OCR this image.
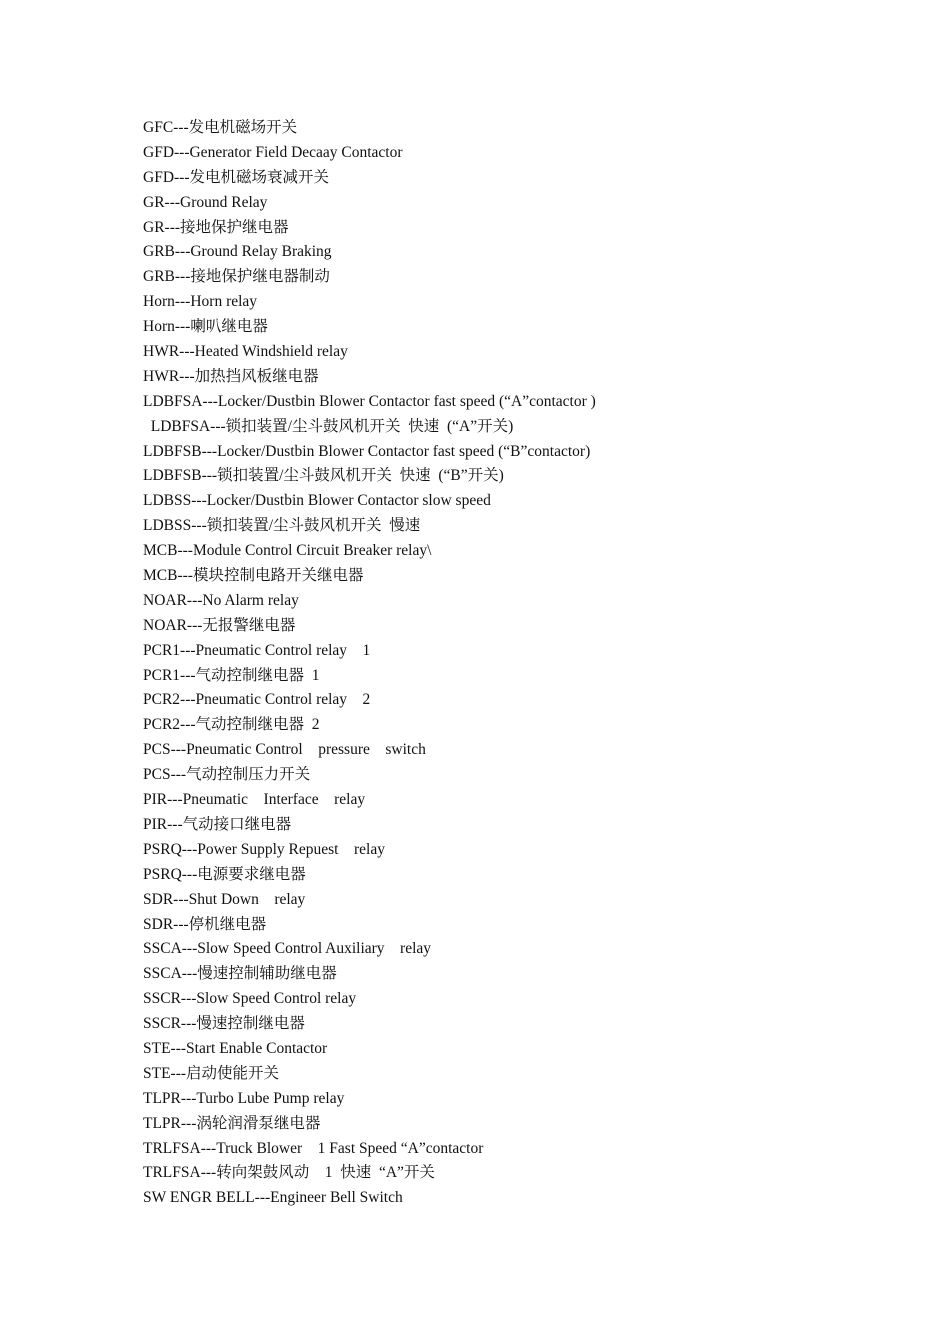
GFC---发电机磁场开关
GFD---Generator Field Decaay Contactor
GFD---发电机磁场衰减开关
GR---Ground Relay
GR---接地保护继电器
GRB---Ground Relay Braking
GRB---接地保护继电器制动
Horn---Horn relay
Horn---喇叭继电器
HWR---Heated Windshield relay
HWR---加热挡风板继电器
LDBFSA---Locker/Dustbin Blower Contactor fast speed (“A”contactor )
LDBFSA---锁扣装置/尘斗鼓风机开关  快速  (“A”开关)
LDBFSB---Locker/Dustbin Blower Contactor fast speed (“B”contactor)
LDBFSB---锁扣装置/尘斗鼓风机开关  快速  (“B”开关)
LDBSS---Locker/Dustbin Blower Contactor slow speed
LDBSS---锁扣装置/尘斗鼓风机开关  慢速
MCB---Module Control Circuit Breaker relay\
MCB---模块控制电路开关继电器
NOAR---No Alarm relay
NOAR---无报警继电器
PCR1---Pneumatic Control relay    1
PCR1---气动控制继电器  1
PCR2---Pneumatic Control relay    2
PCR2---气动控制继电器  2
PCS---Pneumatic Control    pressure    switch
PCS---气动控制压力开关
PIR---Pneumatic    Interface    relay
PIR---气动接口继电器
PSRQ---Power Supply Repuest    relay
PSRQ---电源要求继电器
SDR---Shut Down    relay
SDR---停机继电器
SSCA---Slow Speed Control Auxiliary    relay
SSCA---慢速控制辅助继电器
SSCR---Slow Speed Control relay
SSCR---慢速控制继电器
STE---Start Enable Contactor
STE---启动使能开关
TLPR---Turbo Lube Pump relay
TLPR---涡轮润滑泵继电器
TRLFSA---Truck Blower    1 Fast Speed “A”contactor
TRLFSA---转向架鼓风动    1  快速  “A”开关
SW ENGR BELL---Engineer Bell Switch
